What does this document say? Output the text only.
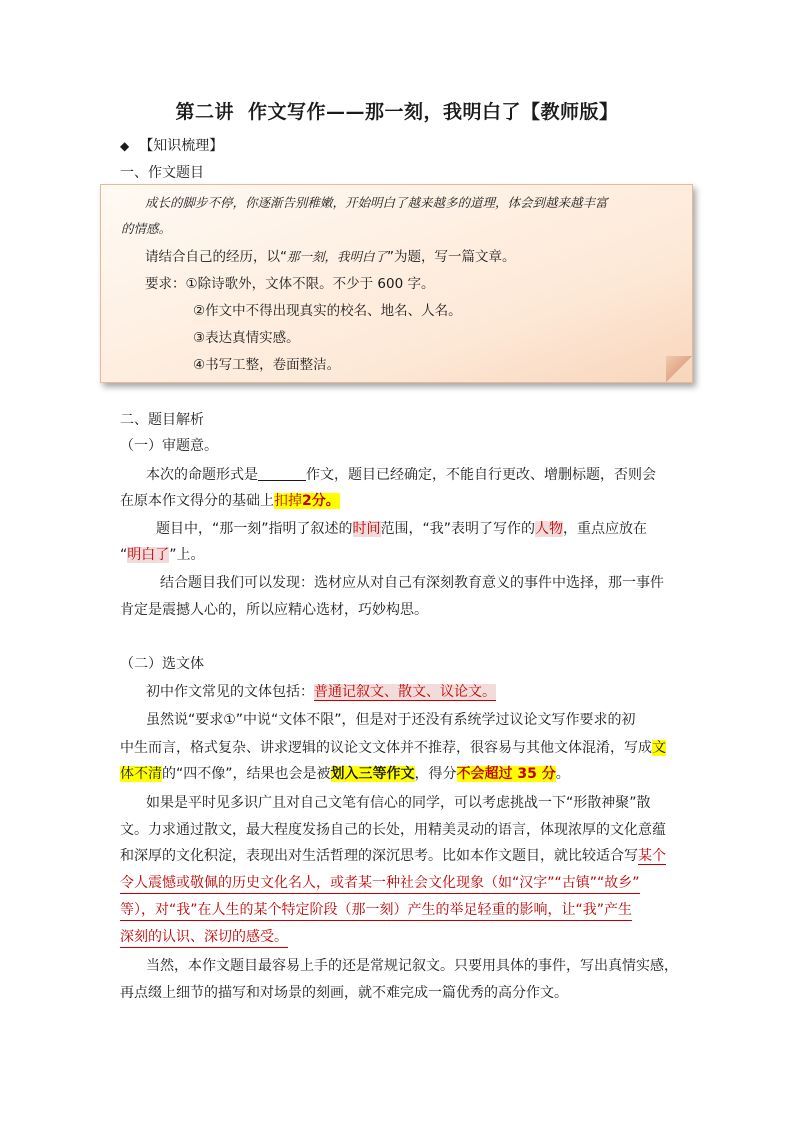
第二讲 作文写作——那一刻，我明白了【教师版】
◆ 【知识梳理】
一、作文题目
成长的脚步不停，你逐渐告别稚嫩，开始明白了越来越多的道理，体会到越来越丰富
的情感。
请结合自己的经历，以“那一刻，我明白了”为题，写一篇文章。
要求：①除诗歌外，文体不限。不少于 600 字。
②作文中不得出现真实的校名、地名、人名。
③表达真情实感。
④书写工整，卷面整洁。
二、题目解析
（一）审题意。
本次的命题形式是	作文，题目已经确定，不能自行更改、增删标题，否则会
在原本作文得分的基础上扣掉2分。
题目中，“那一刻”指明了叙述的时间范围，“我”表明了写作的人物，重点应放在
“明白了”上。
结合题目我们可以发现：选材应从对自己有深刻教育意义的事件中选择，那一事件
肯定是震撼人心的，所以应精心选材，巧妙构思。
（二）选文体
初中作文常见的文体包括：普通记叙文、散文、议论文。
虽然说“要求①”中说“文体不限”，但是对于还没有系统学过议论文写作要求的初
中生而言，格式复杂、讲求逻辑的议论文文体并不推荐，很容易与其他文体混淆，写成文
体不清的“四不像”，结果也会是被划入三等作文，得分不会超过 35 分。
如果是平时见多识广且对自己文笔有信心的同学，可以考虑挑战一下“形散神聚”散
文。力求通过散文，最大程度发扬自己的长处，用精美灵动的语言，体现浓厚的文化意蕴
和深厚的文化积淀，表现出对生活哲理的深沉思考。比如本作文题目，就比较适合写某个
令人震憾或敬佩的历史文化名人，或者某一种社会文化现象（如“汉字”“古镇”“故乡”
等），对“我”在人生的某个特定阶段（那一刻）产生的举足轻重的影响，让“我”产生
深刻的认识、深切的感受。
当然，本作文题目最容易上手的还是常规记叙文。只要用具体的事件，写出真情实感，
再点缀上细节的描写和对场景的刻画，就不难完成一篇优秀的高分作文。
